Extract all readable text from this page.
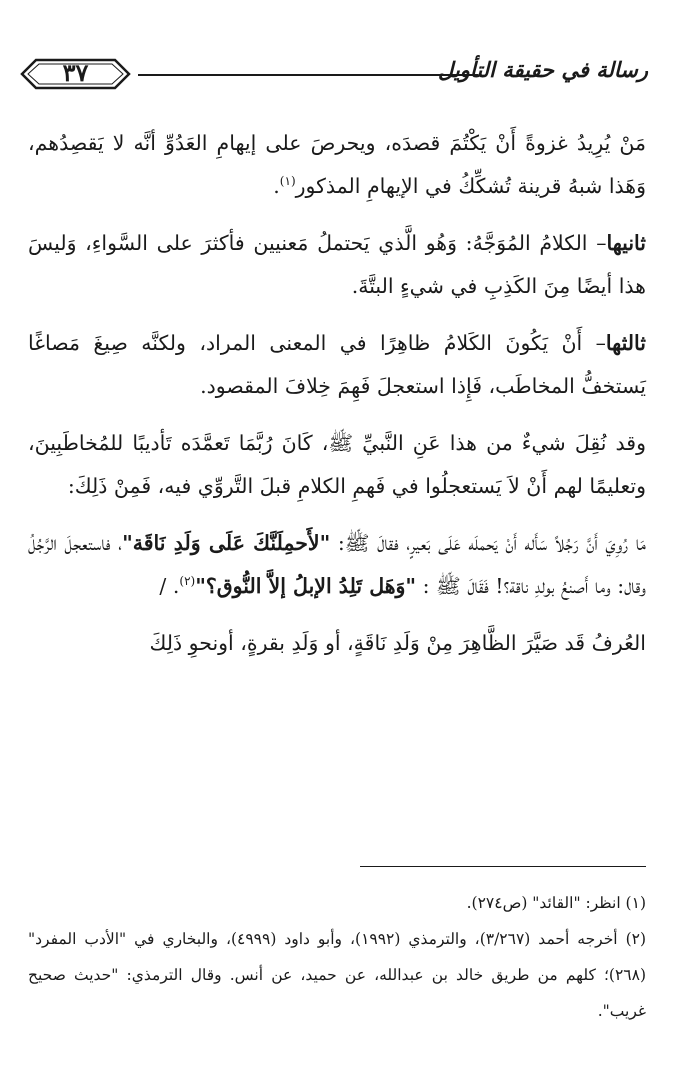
رسالة في حقيقة التأويل
٣٧

مَنْ يُرِيدُ غزوةً أَنْ يَكْتُمَ قصدَه، ويحرصَ على إيهامِ العَدُوِّ أنَّه لا يَقصِدُهم، وَهَذا شبهُ قرينة تُشكِّكُ في الإيهامِ المذكور$^{(١)}$.

ثانيها– الكلامُ المُوَجَّهُ: وَهُو الَّذي يَحتملُ مَعنيين فأكثرَ على السَّواءِ، وَليسَ هذا أيضًا مِنَ الكَذِبِ في شيءٍ البتَّةَ.

ثالثها– أَنْ يَكُونَ الكَلامُ ظاهِرًا في المعنى المراد، ولكنَّه صِيغَ مَصاغًا يَستخفُّ المخاطَب، فَإِذا استعجلَ فَهِمَ خِلافَ المقصود.

وقد نُقِلَ شيءٌ من هذا عَنِ النَّبيِّ ﷺ، كَانَ رُبَّمَا تَعمَّدَه تَأديبًا للمُخاطَبِينَ، وتعليمًا لهم أَنْ لاَ يَستعجلُوا في فَهمِ الكلامِ قبلَ التَّروِّي فيه، فَمِنْ ذَلِكَ:

مَا رُوِيَ أَنَّ رَجُلاً سَأَله أَنْ يَحملَه عَلَى بَعيرٍ، فقالَ ﷺ: "لأَحمِلَنَّكَ عَلَى وَلَدِ نَاقَة"، فاستعجلَ الرَّجُلُ وقال: وما أَصنعُ بولدِ ناقة؟! فَقَالَ ﷺ : "وَهَل تَلِدُ الإبلُ إلاَّ النُّوق؟"$^{(٢)}$. /

العُرفُ قَد صَيَّرَ الظَّاهِرَ مِنْ وَلَدِ نَاقَةٍ، أو وَلَدِ بقرةٍ، أونحوِ ذَلِكَ

(١) انظر: "القائد" (ص٢٧٤).

(٢) أخرجه أحمد (٣/٢٦٧)، والترمذي (١٩٩٢)، وأبو داود (٤٩٩٩)، والبخاري في "الأدب المفرد" (٢٦٨)؛ كلهم من طريق خالد بن عبدالله، عن حميد، عن أنس. وقال الترمذي: "حديث صحيح غريب".
